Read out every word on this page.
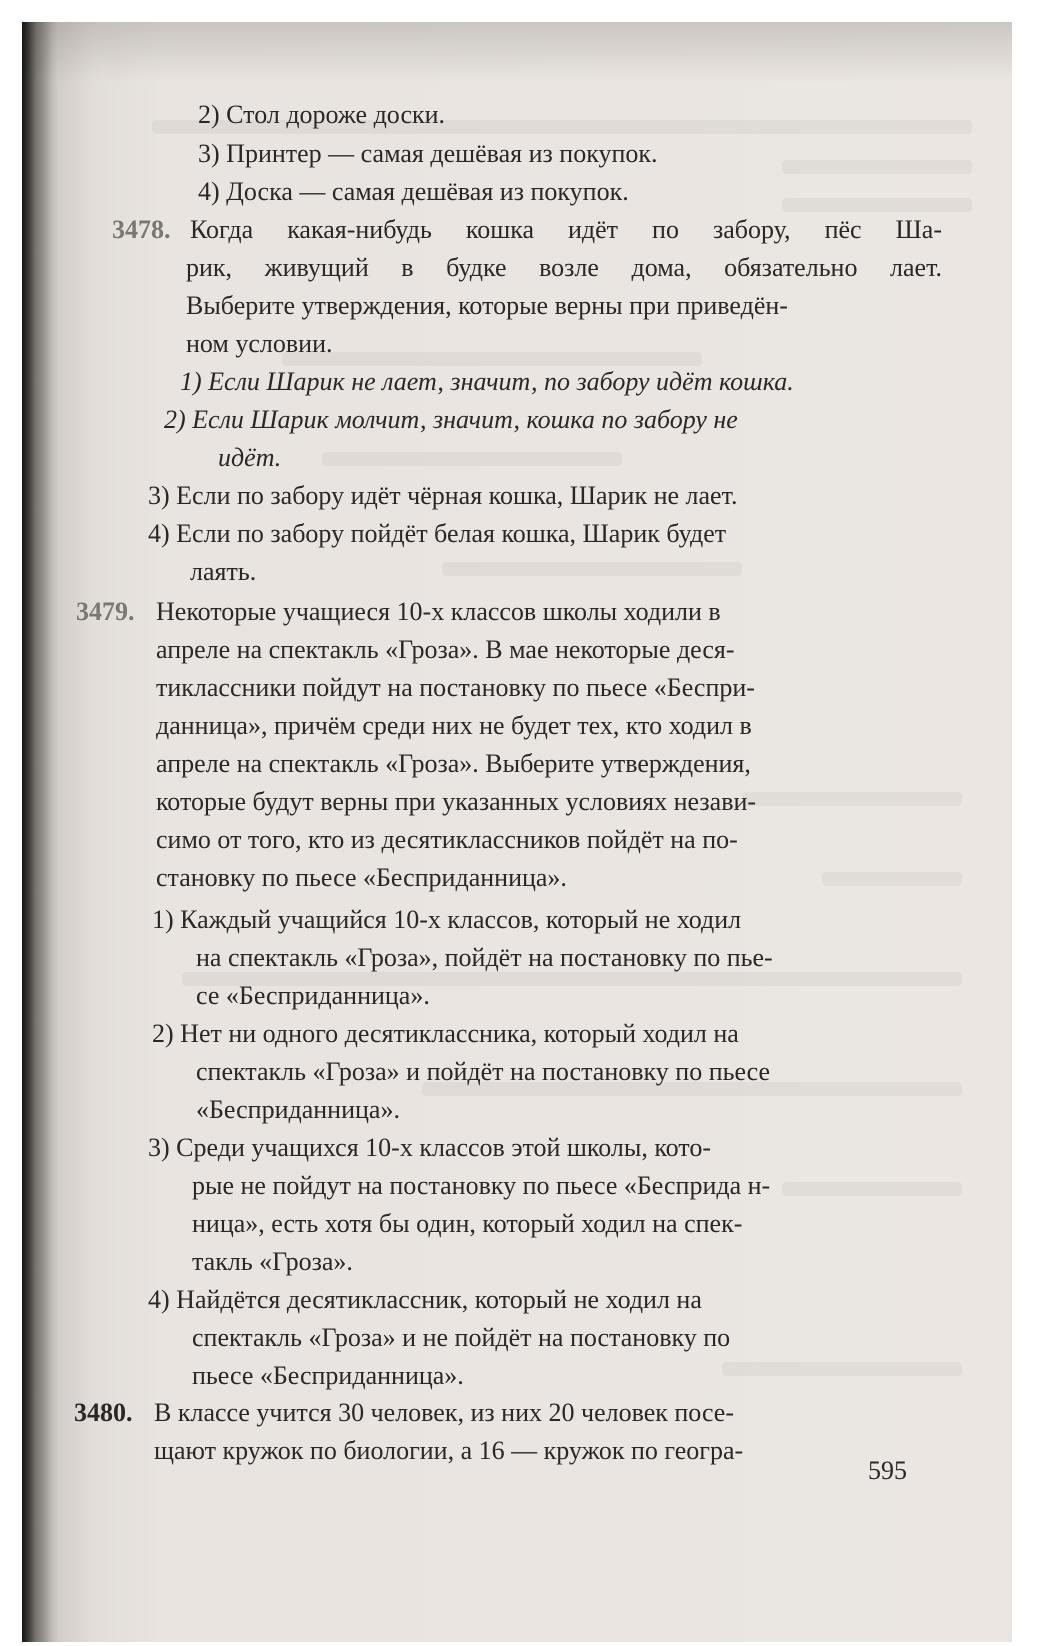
2) Стол дороже доски.
3) Принтер — самая дешёвая из покупок.
4) Доска — самая дешёвая из покупок.
3478. Когда какая-нибудь кошка идёт по забору, пёс Ша-
рик, живущий в будке возле дома, обязательно лает.
Выберите утверждения, которые верны при приведён-
ном условии.
1) Если Шарик не лает, значит, по забору идёт кошка.
2) Если Шарик молчит, значит, кошка по забору не
идёт.
3) Если по забору идёт чёрная кошка, Шарик не лает.
4) Если по забору пойдёт белая кошка, Шарик будет
лаять.
3479. Некоторые учащиеся 10-х классов школы ходили в
апреле на спектакль «Гроза». В мае некоторые деся-
тиклассники пойдут на постановку по пьесе «Беспри-
данница», причём среди них не будет тех, кто ходил в
апреле на спектакль «Гроза». Выберите утверждения,
которые будут верны при указанных условиях незави-
симо от того, кто из десятиклассников пойдёт на по-
становку по пьесе «Бесприданница».
1) Каждый учащийся 10-х классов, который не ходил
на спектакль «Гроза», пойдёт на постановку по пье-
се «Бесприданница».
2) Нет ни одного десятиклассника, который ходил на
спектакль «Гроза» и пойдёт на постановку по пьесе
«Бесприданница».
3) Среди учащихся 10-х классов этой школы, кото-
рые не пойдут на постановку по пьесе «Бесприда н-
ница», есть хотя бы один, который ходил на спек-
такль «Гроза».
4) Найдётся десятиклассник, который не ходил на
спектакль «Гроза» и не пойдёт на постановку по
пьесе «Бесприданница».
3480. В классе учится 30 человек, из них 20 человек посе-
щают кружок по биологии, а 16 — кружок по геогра-
595
